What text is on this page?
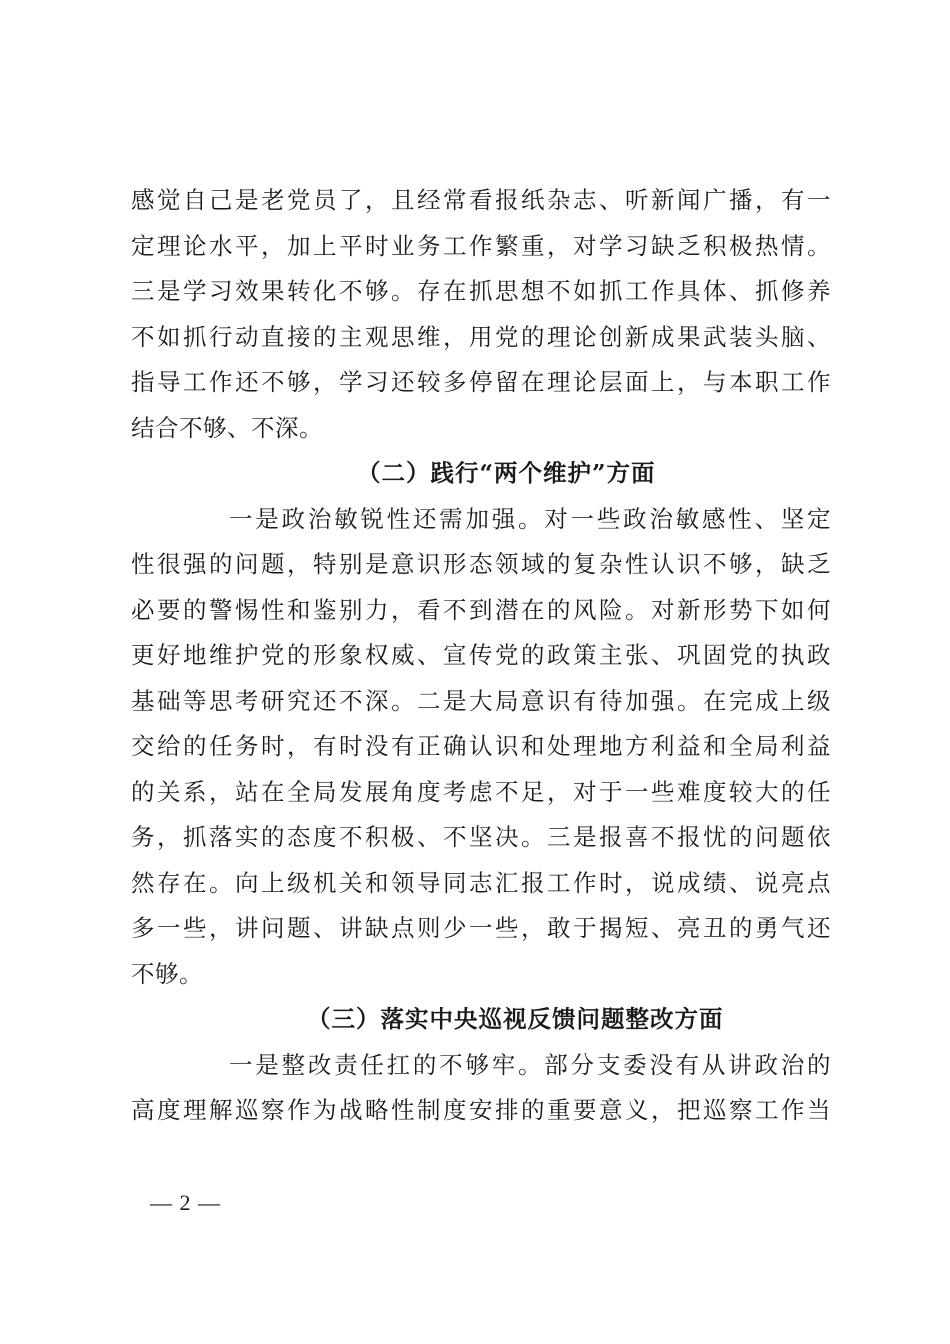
感觉自己是老党员了，且经常看报纸杂志、听新闻广播，有一
定理论水平，加上平时业务工作繁重，对学习缺乏积极热情。
三是学习效果转化不够。存在抓思想不如抓工作具体、抓修养
不如抓行动直接的主观思维，用党的理论创新成果武装头脑、
指导工作还不够，学习还较多停留在理论层面上，与本职工作
结合不够、不深。
（二）践行“两个维护”方面
一是政治敏锐性还需加强。对一些政治敏感性、坚定
性很强的问题，特别是意识形态领域的复杂性认识不够，缺乏
必要的警惕性和鉴别力，看不到潜在的风险。对新形势下如何
更好地维护党的形象权威、宣传党的政策主张、巩固党的执政
基础等思考研究还不深。二是大局意识有待加强。在完成上级
交给的任务时，有时没有正确认识和处理地方利益和全局利益
的关系，站在全局发展角度考虑不足，对于一些难度较大的任
务，抓落实的态度不积极、不坚决。三是报喜不报忧的问题依
然存在。向上级机关和领导同志汇报工作时，说成绩、说亮点
多一些，讲问题、讲缺点则少一些，敢于揭短、亮丑的勇气还
不够。
（三）落实中央巡视反馈问题整改方面
一是整改责任扛的不够牢。部分支委没有从讲政治的
高度理解巡察作为战略性制度安排的重要意义，把巡察工作当
— 2 —
